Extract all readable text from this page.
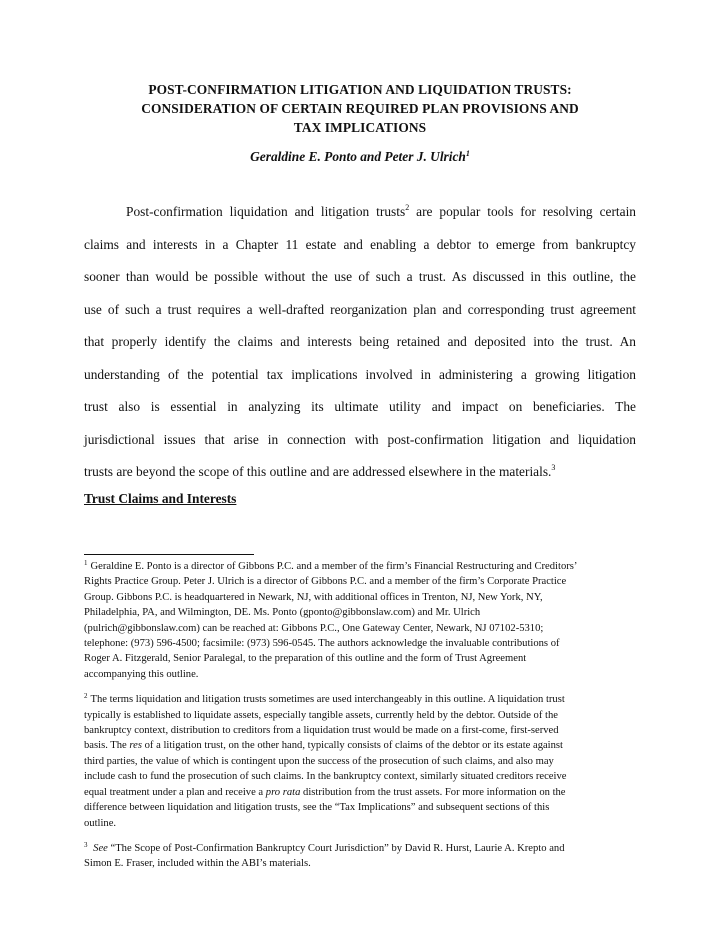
POST-CONFIRMATION LITIGATION AND LIQUIDATION TRUSTS:
CONSIDERATION OF CERTAIN REQUIRED PLAN PROVISIONS AND
TAX IMPLICATIONS
Geraldine E. Ponto and Peter J. Ulrich$^1$
Post-confirmation liquidation and litigation trusts$^2$ are popular tools for resolving certain
claims and interests in a Chapter 11 estate and enabling a debtor to emerge from bankruptcy
sooner than would be possible without the use of such a trust. As discussed in this outline, the
use of such a trust requires a well-drafted reorganization plan and corresponding trust agreement
that properly identify the claims and interests being retained and deposited into the trust. An
understanding of the potential tax implications involved in administering a growing litigation
trust also is essential in analyzing its ultimate utility and impact on beneficiaries. The
jurisdictional issues that arise in connection with post-confirmation litigation and liquidation
trusts are beyond the scope of this outline and are addressed elsewhere in the materials.$^3$
Trust Claims and Interests
$^1$ Geraldine E. Ponto is a director of Gibbons P.C. and a member of the firm’s Financial Restructuring and Creditors’
Rights Practice Group. Peter J. Ulrich is a director of Gibbons P.C. and a member of the firm’s Corporate Practice
Group. Gibbons P.C. is headquartered in Newark, NJ, with additional offices in Trenton, NJ, New York, NY,
Philadelphia, PA, and Wilmington, DE. Ms. Ponto (gponto@gibbonslaw.com) and Mr. Ulrich
(pulrich@gibbonslaw.com) can be reached at: Gibbons P.C., One Gateway Center, Newark, NJ 07102-5310;
telephone: (973) 596-4500; facsimile: (973) 596-0545. The authors acknowledge the invaluable contributions of
Roger A. Fitzgerald, Senior Paralegal, to the preparation of this outline and the form of Trust Agreement
accompanying this outline.
$^2$ The terms liquidation and litigation trusts sometimes are used interchangeably in this outline. A liquidation trust
typically is established to liquidate assets, especially tangible assets, currently held by the debtor. Outside of the
bankruptcy context, distribution to creditors from a liquidation trust would be made on a first-come, first-served
basis. The res of a litigation trust, on the other hand, typically consists of claims of the debtor or its estate against
third parties, the value of which is contingent upon the success of the prosecution of such claims, and also may
include cash to fund the prosecution of such claims. In the bankruptcy context, similarly situated creditors receive
equal treatment under a plan and receive a pro rata distribution from the trust assets. For more information on the
difference between liquidation and litigation trusts, see the “Tax Implications” and subsequent sections of this
outline.
$^3$ See “The Scope of Post-Confirmation Bankruptcy Court Jurisdiction” by David R. Hurst, Laurie A. Krepto and
Simon E. Fraser, included within the ABI’s materials.
